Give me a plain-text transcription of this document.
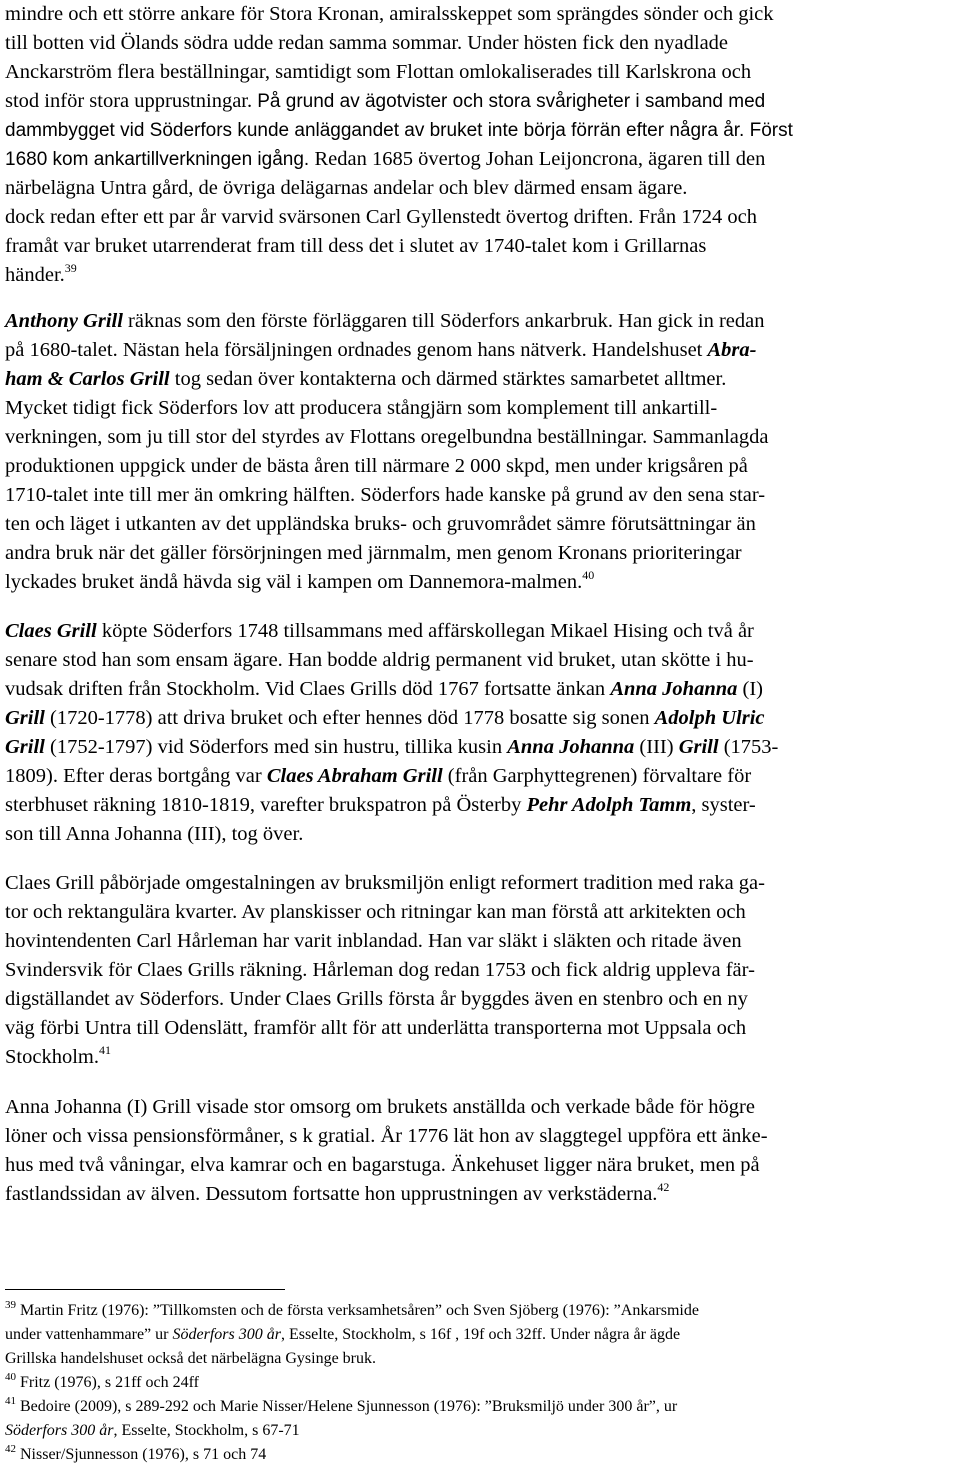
mindre och ett större ankare för Stora Kronan, amiralsskeppet som sprängdes sönder och gick
till botten vid Ölands södra udde redan samma sommar. Under hösten fick den nyadlade
Anckarström flera beställningar, samtidigt som Flottan omlokaliserades till Karlskrona och
stod inför stora upprustningar. På grund av ägotvister och stora svårigheter i samband med
dammbygget vid Söderfors kunde anläggandet av bruket inte börja förrän efter några år. Först
1680 kom ankartillverkningen igång. Redan 1685 övertog Johan Leijoncrona, ägaren till den
närbelägna Untra gård, de övriga delägarnas andelar och blev därmed ensam ägare.
dock redan efter ett par år varvid svärsonen Carl Gyllenstedt övertog driften. Från 1724 och
framåt var bruket utarrenderat fram till dess det i slutet av 1740-talet kom i Grillarnas
händer.$^{39}$
Anthony Grill räknas som den förste förläggaren till Söderfors ankarbruk. Han gick in redan
på 1680-talet. Nästan hela försäljningen ordnades genom hans nätverk. Handelshuset Abra-
ham & Carlos Grill tog sedan över kontakterna och därmed stärktes samarbetet alltmer.
Mycket tidigt fick Söderfors lov att producera stångjärn som komplement till ankartill-
verkningen, som ju till stor del styrdes av Flottans oregelbundna beställningar. Sammanlagda
produktionen uppgick under de bästa åren till närmare 2 000 skpd, men under krigsåren på
1710-talet inte till mer än omkring hälften. Söderfors hade kanske på grund av den sena star-
ten och läget i utkanten av det uppländska bruks- och gruvområdet sämre förutsättningar än
andra bruk när det gäller försörjningen med järnmalm, men genom Kronans prioriteringar
lyckades bruket ändå hävda sig väl i kampen om Dannemora-malmen.$^{40}$
Claes Grill köpte Söderfors 1748 tillsammans med affärskollegan Mikael Hising och två år
senare stod han som ensam ägare. Han bodde aldrig permanent vid bruket, utan skötte i hu-
vudsak driften från Stockholm. Vid Claes Grills död 1767 fortsatte änkan Anna Johanna (I)
Grill (1720-1778) att driva bruket och efter hennes död 1778 bosatte sig sonen Adolph Ulric
Grill (1752-1797) vid Söderfors med sin hustru, tillika kusin Anna Johanna (III) Grill (1753-
1809). Efter deras bortgång var Claes Abraham Grill (från Garphyttegrenen) förvaltare för
sterbhuset räkning 1810-1819, varefter brukspatron på Österby Pehr Adolph Tamm, syster-
son till Anna Johanna (III), tog över.
Claes Grill påbörjade omgestalningen av bruksmiljön enligt reformert tradition med raka ga-
tor och rektangulära kvarter. Av planskisser och ritningar kan man förstå att arkitekten och
hovintendenten Carl Hårleman har varit inblandad. Han var släkt i släkten och ritade även
Svindersvik för Claes Grills räkning. Hårleman dog redan 1753 och fick aldrig uppleva fär-
digställandet av Söderfors. Under Claes Grills första år byggdes även en stenbro och en ny
väg förbi Untra till Odenslätt, framför allt för att underlätta transporterna mot Uppsala och
Stockholm.$^{41}$
Anna Johanna (I) Grill visade stor omsorg om brukets anställda och verkade både för högre
löner och vissa pensionsförmåner, s k gratial. År 1776 lät hon av slaggtegel uppföra ett änke-
hus med två våningar, elva kamrar och en bagarstuga. Änkehuset ligger nära bruket, men på
fastlandssidan av älven. Dessutom fortsatte hon upprustningen av verkstäderna.$^{42}$
$^{39}$ Martin Fritz (1976): ”Tillkomsten och de första verksamhetsåren” och Sven Sjöberg (1976): ”Ankarsmide
under vattenhammare” ur Söderfors 300 år, Esselte, Stockholm, s 16f , 19f och 32ff. Under några år ägde
Grillska handelshuset också det närbelägna Gysinge bruk.
$^{40}$ Fritz (1976), s 21ff och 24ff
$^{41}$ Bedoire (2009), s 289-292 och Marie Nisser/Helene Sjunnesson (1976): ”Bruksmiljö under 300 år”, ur
Söderfors 300 år, Esselte, Stockholm, s 67-71
$^{42}$ Nisser/Sjunnesson (1976), s 71 och 74
